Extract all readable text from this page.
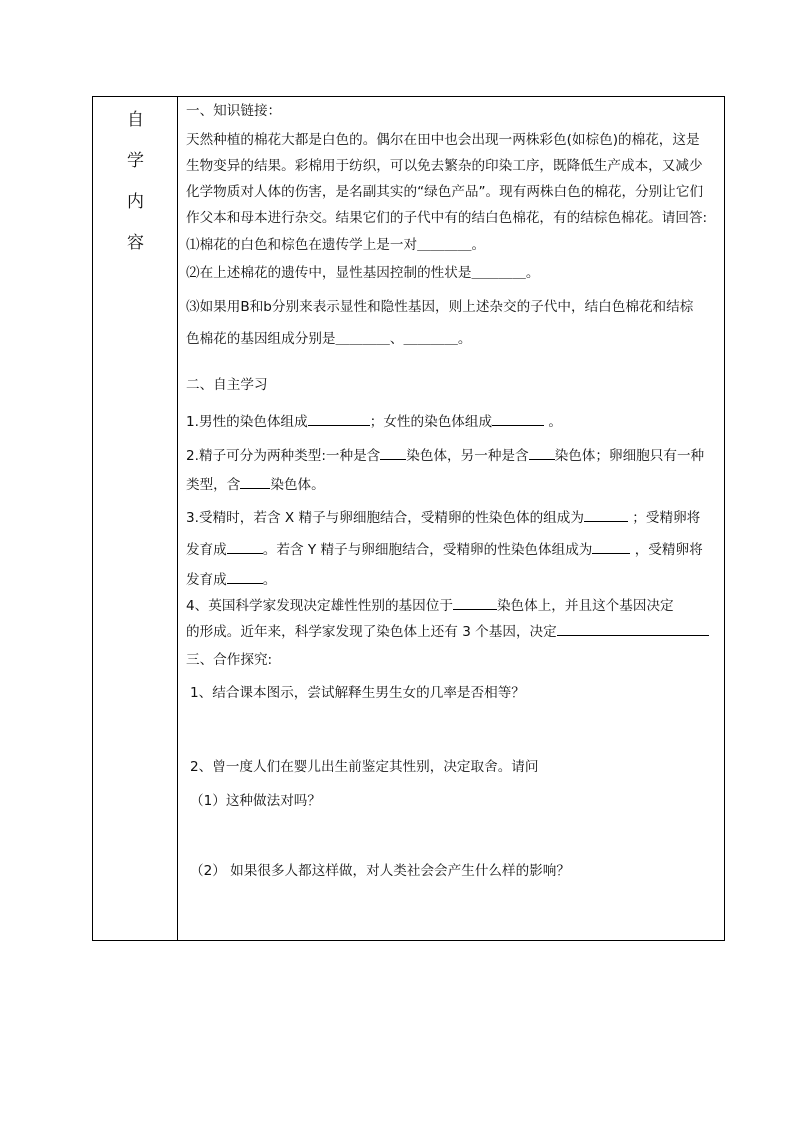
自
学
内
容
一、知识链接：
天然种植的棉花大都是白色的。偶尔在田中也会出现一两株彩色(如棕色)的棉花，这是
生物变异的结果。彩棉用于纺织，可以免去繁杂的印染工序，既降低生产成本，又减少
化学物质对人体的伤害，是名副其实的“绿色产品”。现有两株白色的棉花，分别让它们
作父本和母本进行杂交。结果它们的子代中有的结白色棉花，有的结棕色棉花。请回答:
⑴棉花的白色和棕色在遗传学上是一对＿＿＿＿。
⑵在上述棉花的遗传中，显性基因控制的性状是＿＿＿＿。
⑶如果用B和b分别来表示显性和隐性基因，则上述杂交的子代中，结白色棉花和结棕
色棉花的基因组成分别是＿＿＿＿、＿＿＿＿。
二、自主学习
1.男性的染色体组成	；女性的染色体组成	。
2.精子可分为两种类型:一种是含 染色体，另一种是含 染色体；卵细胞只有一种
类型，含 染色体。
3.受精时，若含 X 精子与卵细胞结合，受精卵的性染色体的组成为	；受精卵将
发育成	。若含 Y 精子与卵细胞结合，受精卵的性染色体组成为	，受精卵将
发育成	。
4、英国科学家发现决定雄性性别的基因位于	染色体上，并且这个基因决定
的形成。近年来，科学家发现了染色体上还有 3 个基因，决定
三、合作探究:
1、结合课本图示，尝试解释生男生女的几率是否相等？
2、曾一度人们在婴儿出生前鉴定其性别，决定取舍。请问
（1）这种做法对吗？
（2） 如果很多人都这样做，对人类社会会产生什么样的影响？
